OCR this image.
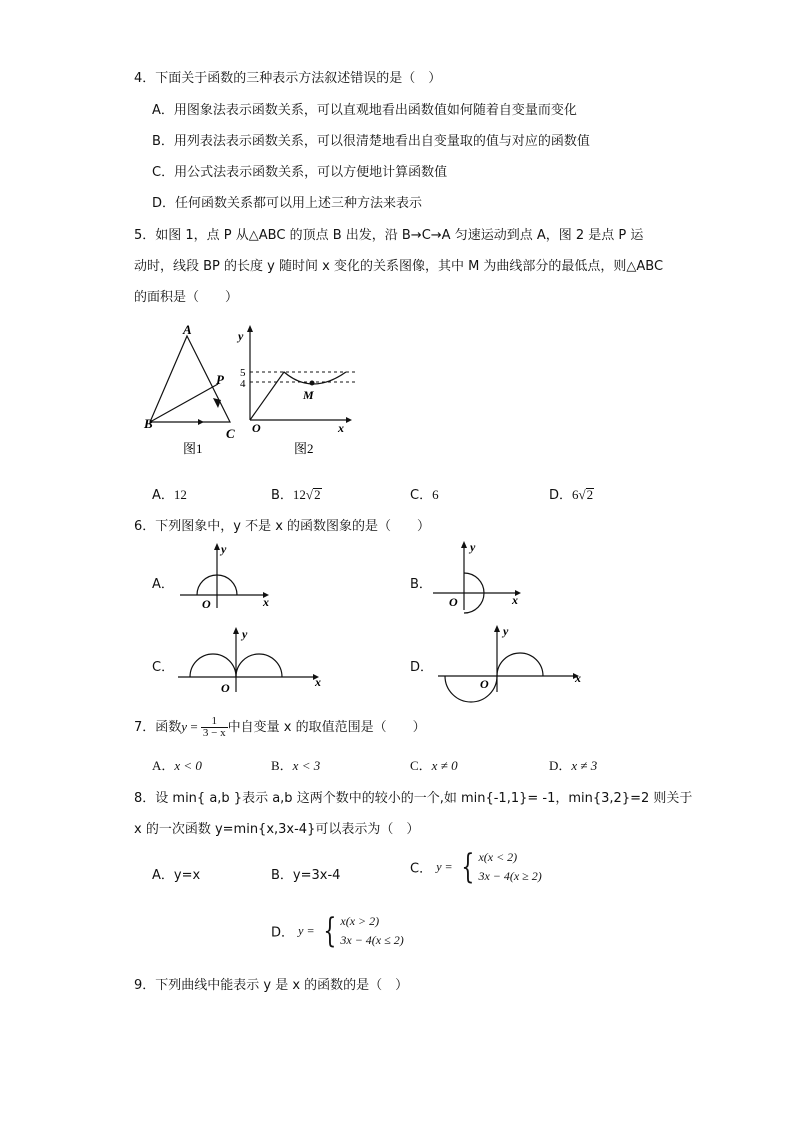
4．下面关于函数的三种表示方法叙述错误的是（　）
A．用图象法表示函数关系，可以直观地看出函数值如何随着自变量而变化
B．用列表法表示函数关系，可以很清楚地看出自变量取的值与对应的函数值
C．用公式法表示函数关系，可以方便地计算函数值
D．任何函数关系都可以用上述三种方法来表示
5．如图 1，点 P 从△ABC 的顶点 B 出发，沿 B→C→A 匀速运动到点 A，图 2 是点 P 运
动时，线段 BP 的长度 y 随时间 x 变化的关系图像，其中 M 为曲线部分的最低点，则△ABC
的面积是（　　）
A
B
C
P
图1
y
x
O
M
5
4
图2
A．12	B．12√2	C．6	D．6√2
6．下列图象中，y 不是 x 的函数图象的是（　　）
A．
y
x
O
B．
y
x
O
C．
y
x
O
D．
y
x
O
7．函数$y = \frac{1}{3 - x}$ 中自变量 x 的取值范围是（　　）
A．x < 0	B．x < 3	C．x ≠ 0	D．x ≠ 3
8．设 min{ a,b }表示 a,b 这两个数中的较小的一个,如 min{-1,1}= -1，min{3,2}=2 则关于
x 的一次函数 y=min{x,3x-4}可以表示为（　）
A．y=x	B．y=3x-4	C． y = { x(x < 2)
3x − 4(x ≥ 2)
D． y = { x(x > 2)
3x − 4(x ≤ 2)
9．下列曲线中能表示 y 是 x 的函数的是（　）
